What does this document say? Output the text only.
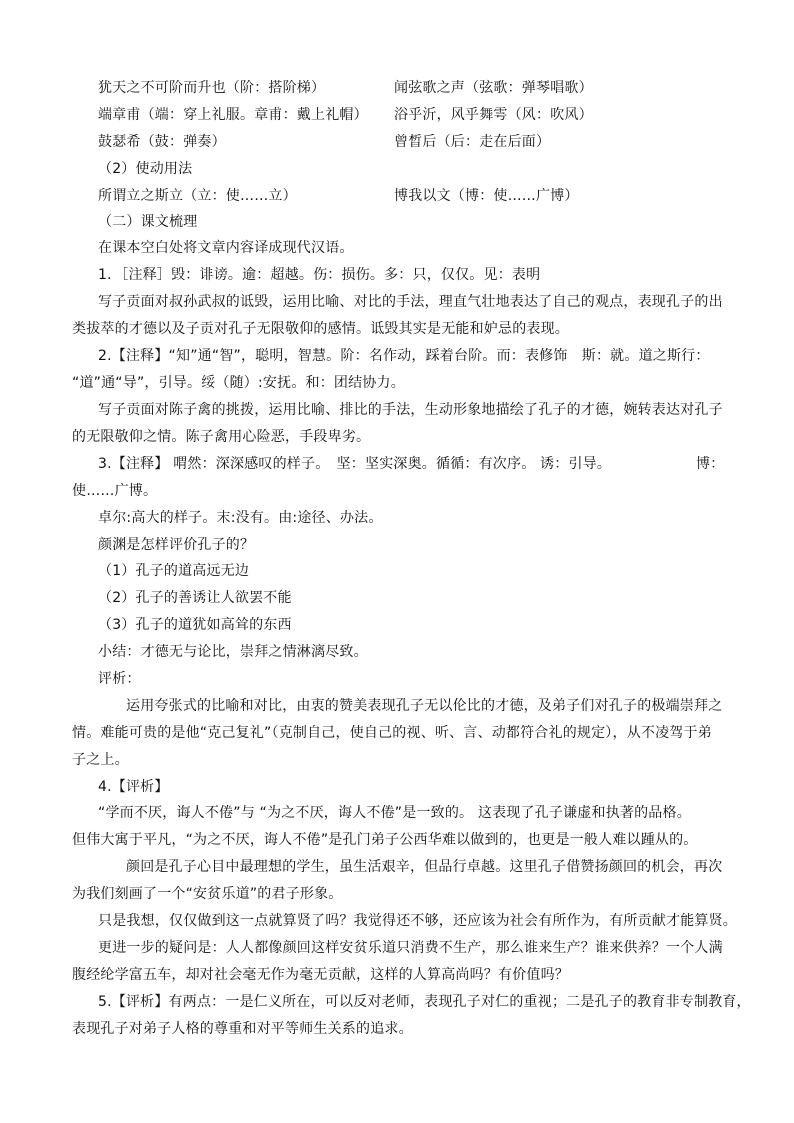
犹天之不可阶而升也（阶：搭阶梯）	闻弦歌之声（弦歌：弹琴唱歌）
端章甫（端：穿上礼服。章甫：戴上礼帽） 浴乎沂，风乎舞雩（风：吹风）
鼓瑟希（鼓：弹奏）	曾晳后（后：走在后面）
（2）使动用法
所谓立之斯立（立：使……立）	博我以文（博：使……广博）
（二）课文梳理
在课本空白处将文章内容译成现代汉语。
1．［注释］毁：诽谤。逾：超越。伤：损伤。多：只，仅仅。见：表明
写子贡面对叔孙武叔的诋毁，运用比喻、对比的手法，理直气壮地表达了自己的观点，表现孔子的出
类拔萃的才德以及子贡对孔子无限敬仰的感情。诋毁其实是无能和妒忌的表现。
2.【注释】“知”通“智”，聪明，智慧。阶：名作动，踩着台阶。而：表修饰　斯：就。道之斯行：
“道”通“导”，引导。绥（随）:安抚。和：团结协力。
写子贡面对陈子禽的挑拨，运用比喻、排比的手法，生动形象地描绘了孔子的才德，婉转表达对孔子
的无限敬仰之情。陈子禽用心险恶，手段卑劣。
3.【注释】 喟然：深深感叹的样子。　坚：坚实深奥。循循：有次序。 诱：引导。	博：
使……广博。
卓尔:高大的样子。末:没有。由:途径、办法。
颜渊是怎样评价孔子的？
（1）孔子的道高远无边
（2）孔子的善诱让人欲罢不能
（3）孔子的道犹如高耸的东西
小结：才德无与论比，崇拜之情淋漓尽致。
评析：
运用夸张式的比喻和对比，由衷的赞美表现孔子无以伦比的才德，及弟子们对孔子的极端崇拜之
情。难能可贵的是他“克己复礼”（克制自己，使自己的视、听、言、动都符合礼的规定），从不凌驾于弟
子之上。
4.【评析】
“学而不厌，诲人不倦”与 “为之不厌，诲人不倦”是一致的。 这表现了孔子谦虚和执著的品格。
但伟大寓于平凡，“为之不厌，诲人不倦”是孔门弟子公西华难以做到的，也更是一般人难以踵从的。
颜回是孔子心目中最理想的学生，虽生活艰辛，但品行卓越。这里孔子借赞扬颜回的机会，再次
为我们刻画了一个“安贫乐道”的君子形象。
只是我想，仅仅做到这一点就算贤了吗？我觉得还不够，还应该为社会有所作为，有所贡献才能算贤。
更进一步的疑问是：人人都像颜回这样安贫乐道只消费不生产，那么谁来生产？谁来供养？一个人满
腹经纶学富五车，却对社会毫无作为毫无贡献，这样的人算高尚吗？有价值吗？
5.【评析】有两点：一是仁义所在，可以反对老师，表现孔子对仁的重视；二是孔子的教育非专制教育，
表现孔子对弟子人格的尊重和对平等师生关系的追求。
